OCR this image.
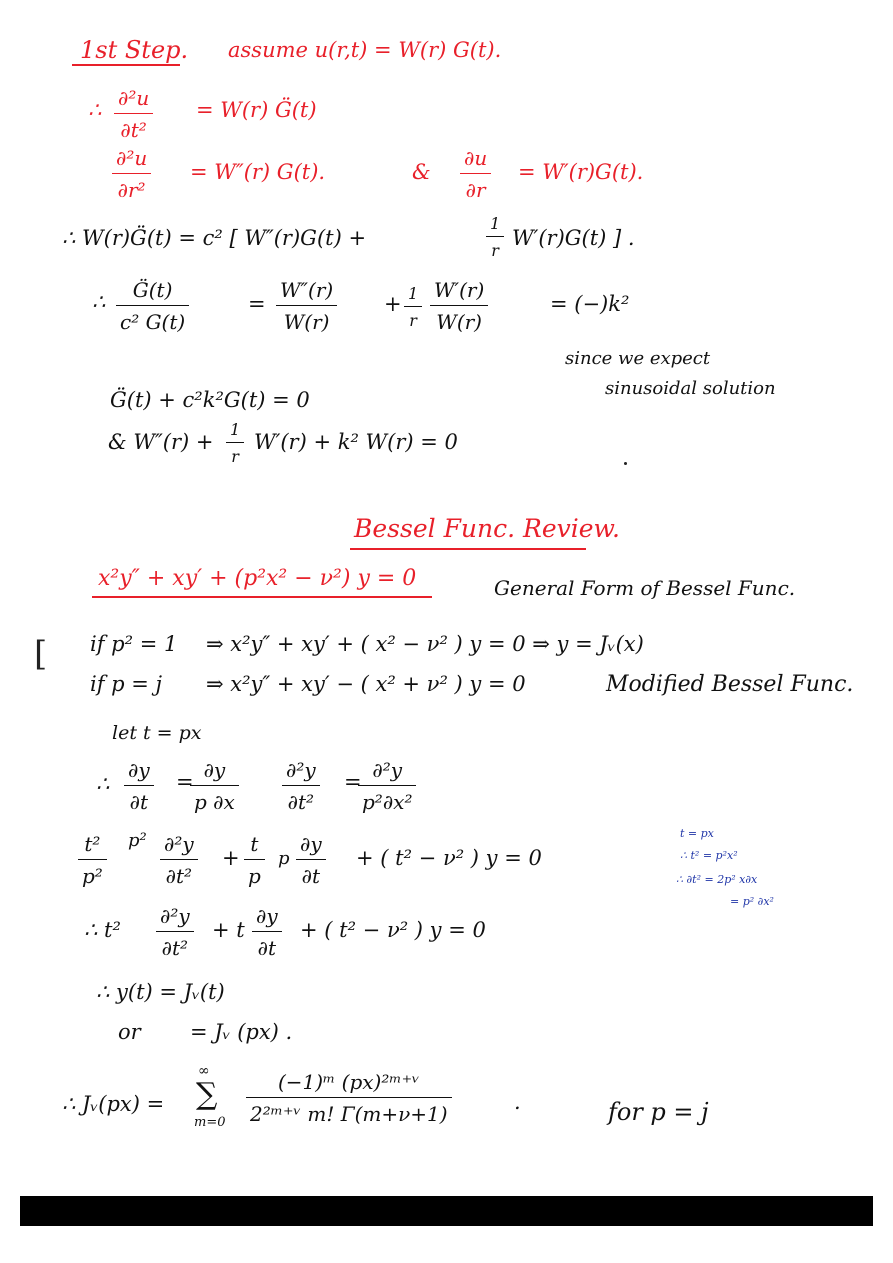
1st Step. assume u(r,t) = W(r) G(t).
∴ $\frac{\text{∂²u}}{\text{∂t²}} = W(r)$ G̈(t)
$\frac{\text{∂²u}}{\text{∂r²}} = W''(r)$ G(t).	& $\frac{\partial u}{\partial r} = W'(r)G(t)$.
∴ W(r)G̈(t) = c² [ W″(r)G(t) +	$\frac{1}{r} W'(r)G(t)$ ] .
∴ $\frac{G̈(t)}{\text{c² G(t)}}$	= $\frac{W''(r)}{W(r)} + \frac{1}{r} \frac{W'(r)}{W(r)}$	= (−)k²
since we expect
sinusoidal solution
G̈(t) + c²k²G(t) = 0
& $W''(r) + \frac{1}{r} W'(r) + k^2$ W(r) = 0
Bessel Func. Review.
x²y″ + xy′ + (p²x² − ν²) y = 0	General Form of Bessel Func.
[ if p² = 1 ⇒ x²y″ + xy′ + ( x² − ν² ) y = 0 ⇒ y = Jᵥ(x)
if p = j ⇒ x²y″ + xy′ − ( x² + ν² ) y = 0	Modified Bessel Func.
let t = px
∴ $\frac{\partial y}{\partial t}$ =
$\frac{\partial y}{p \partial x} \frac{\text{∂²y}}{\text{∂t²}}$ =
$\frac{\text{∂²y}}{\text{p²∂x²}}$
$\frac{\text{t²}}{\text{p²}} p^2 \frac{\text{∂²y}}{\text{∂t²}} + \frac{t}{p}$ p $\frac{\partial y}{\partial t}$ + ( t² − ν² ) y = 0
t = px
∴ t² = p²x²
∴ ∂t² = 2p² x∂x
= p² ∂x²
∴ $t^2 \frac{\text{∂²y}}{\text{∂t²}} + t \frac{\partial y}{\partial t}$ + ( t² − ν² ) y = 0
∴ y(t) = Jᵥ(t)
or = Jᵥ (px) .
∴ Jᵥ(px) =
∞
∑
$m=0 \frac{\text{(−1)ᵐ (px)²ᵐ⁺ᵛ}}{\text{2²ᵐ⁺ᵛ m! Γ(m+ν+1)}}$	.	for p = j
